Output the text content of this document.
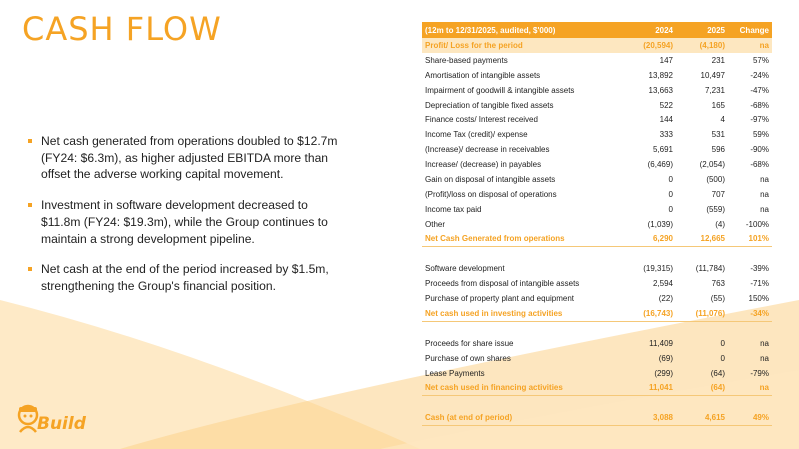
CASH FLOW
Net cash generated from operations doubled to $12.7m (FY24: $6.3m), as higher adjusted EBITDA more than offset the adverse working capital movement.
Investment in software development decreased to $11.8m (FY24: $19.3m), while the Group continues to maintain a strong development pipeline.
Net cash at the end of the period increased by $1.5m, strengthening the Group's financial position.
Build
(12m to 12/31/2025, audited, $'000)	2024	2025	Change
Profit/ Loss for the period	(20,594)	(4,180)	na
Share-based payments	147	231	57%
Amortisation of intangible assets	13,892	10,497	-24%
Impairment of goodwill & intangible assets	13,663	7,231	-47%
Depreciation of tangible fixed assets	522	165	-68%
Finance costs/ Interest received	144	4	-97%
Income Tax (credit)/ expense	333	531	59%
(Increase)/ decrease in receivables	5,691	596	-90%
Increase/ (decrease) in payables	(6,469)	(2,054)	-68%
Gain on disposal of intangible assets	0	(500)	na
(Profit)/loss on disposal of operations	0	707	na
Income tax paid	0	(559)	na
Other	(1,039)	(4)	-100%
Net Cash Generated from operations	6,290	12,665	101%

Software development	(19,315)	(11,784)	-39%
Proceeds from disposal of intangible assets	2,594	763	-71%
Purchase of property plant and equipment	(22)	(55)	150%
Net cash used in investing activities	(16,743)	(11,076)	-34%

Proceeds for share issue	11,409	0	na
Purchase of own shares	(69)	0	na
Lease Payments	(299)	(64)	-79%
Net cash used in financing activities	11,041	(64)	na

Cash (at end of period)	3,088	4,615	49%
